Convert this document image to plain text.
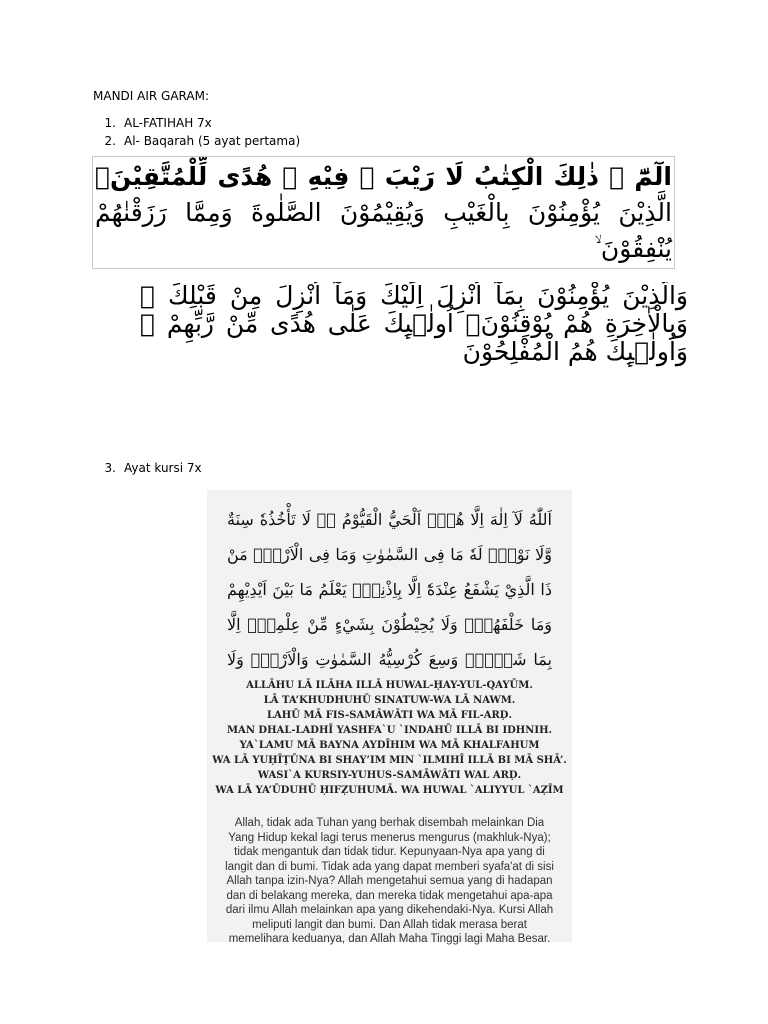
MANDI AIR GARAM:
1. AL-FATIHAH 7x
2. Al- Baqarah (5 ayat pertama)
الٓمّٓ ۚ ذٰلِكَ الْكِتٰبُ لَا رَيْبَ ۛ فِيْهِ ۛ هُدًى لِّلْمُتَّقِيْنَۙ الَّذِيْنَ يُؤْمِنُوْنَ بِالْغَيْبِ وَيُقِيْمُوْنَ الصَّلٰوةَ وَمِمَّا رَزَقْنٰهُمْ يُنْفِقُوْنَ ۙ
وَالَّذِيْنَ يُؤْمِنُوْنَ بِمَآ اُنْزِلَ اِلَيْكَ وَمَآ اُنْزِلَ مِنْ قَبْلِكَ ۚ وَبِالْاٰخِرَةِ هُمْ يُوْقِنُوْنَۗ اُولٰۤىِٕكَ عَلٰى هُدًى مِّنْ رَّبِّهِمْ ۙ وَاُولٰۤىِٕكَ هُمُ الْمُفْلِحُوْنَ
3. Ayat kursi 7x
اَللّٰهُ لَآ اِلٰهَ اِلَّا هُوَۚ اَلْحَيُّ الْقَيُّوْمُ ەۚ لَا تَأْخُذُهٗ سِنَةٌ وَّلَا نَوْمٌۗ لَهٗ مَا فِى السَّمٰوٰتِ وَمَا فِى الْاَرْضِۗ مَنْ ذَا الَّذِيْ يَشْفَعُ عِنْدَهٗٓ اِلَّا بِاِذْنِهٖۗ يَعْلَمُ مَا بَيْنَ اَيْدِيْهِمْ وَمَا خَلْفَهُمْۚ وَلَا يُحِيْطُوْنَ بِشَيْءٍ مِّنْ عِلْمِهٖٓ اِلَّا بِمَا شَاۤءَۚ وَسِعَ كُرْسِيُّهُ السَّمٰوٰتِ وَالْاَرْضَۚ وَلَا
ALLĀHU LĀ ILĀHA ILLĀ HUWAL-ḤAY-YUL-QAYŪM.
LĀ TA’KHUDHUHŪ SINATUW-WA LĀ NAWM.
LAHŪ MĀ FIS-SAMĀWĀTI WA MĀ FIL-ARḌ.
MAN DHAL-LADHĪ YASHFA`U `INDAHŪ ILLĀ BI IDHNIH.
YA`LAMU MĀ BAYNA AYDĪHIM WA MĀ KHALFAHUM
WA LĀ YUḤĪṬŪNA BI SHAY’IM MIN `ILMIHĪ ILLĀ BI MĀ SHĀ’.
WASI`A KURSIY-YUHUS-SAMĀWĀTI WAL ARḌ.
WA LĀ YA’ŪDUHŪ ḤIFẒUHUMĀ. WA HUWAL `ALIYYUL `AẒĪM
Allah, tidak ada Tuhan yang berhak disembah melainkan Dia
Yang Hidup kekal lagi terus menerus mengurus (makhluk-Nya);
tidak mengantuk dan tidak tidur. Kepunyaan-Nya apa yang di
langit dan di bumi. Tidak ada yang dapat memberi syafa'at di sisi
Allah tanpa izin-Nya? Allah mengetahui semua yang di hadapan
dan di belakang mereka, dan mereka tidak mengetahui apa-apa
dari ilmu Allah melainkan apa yang dikehendaki-Nya. Kursi Allah
meliputi langit dan bumi. Dan Allah tidak merasa berat
memelihara keduanya, dan Allah Maha Tinggi lagi Maha Besar.
